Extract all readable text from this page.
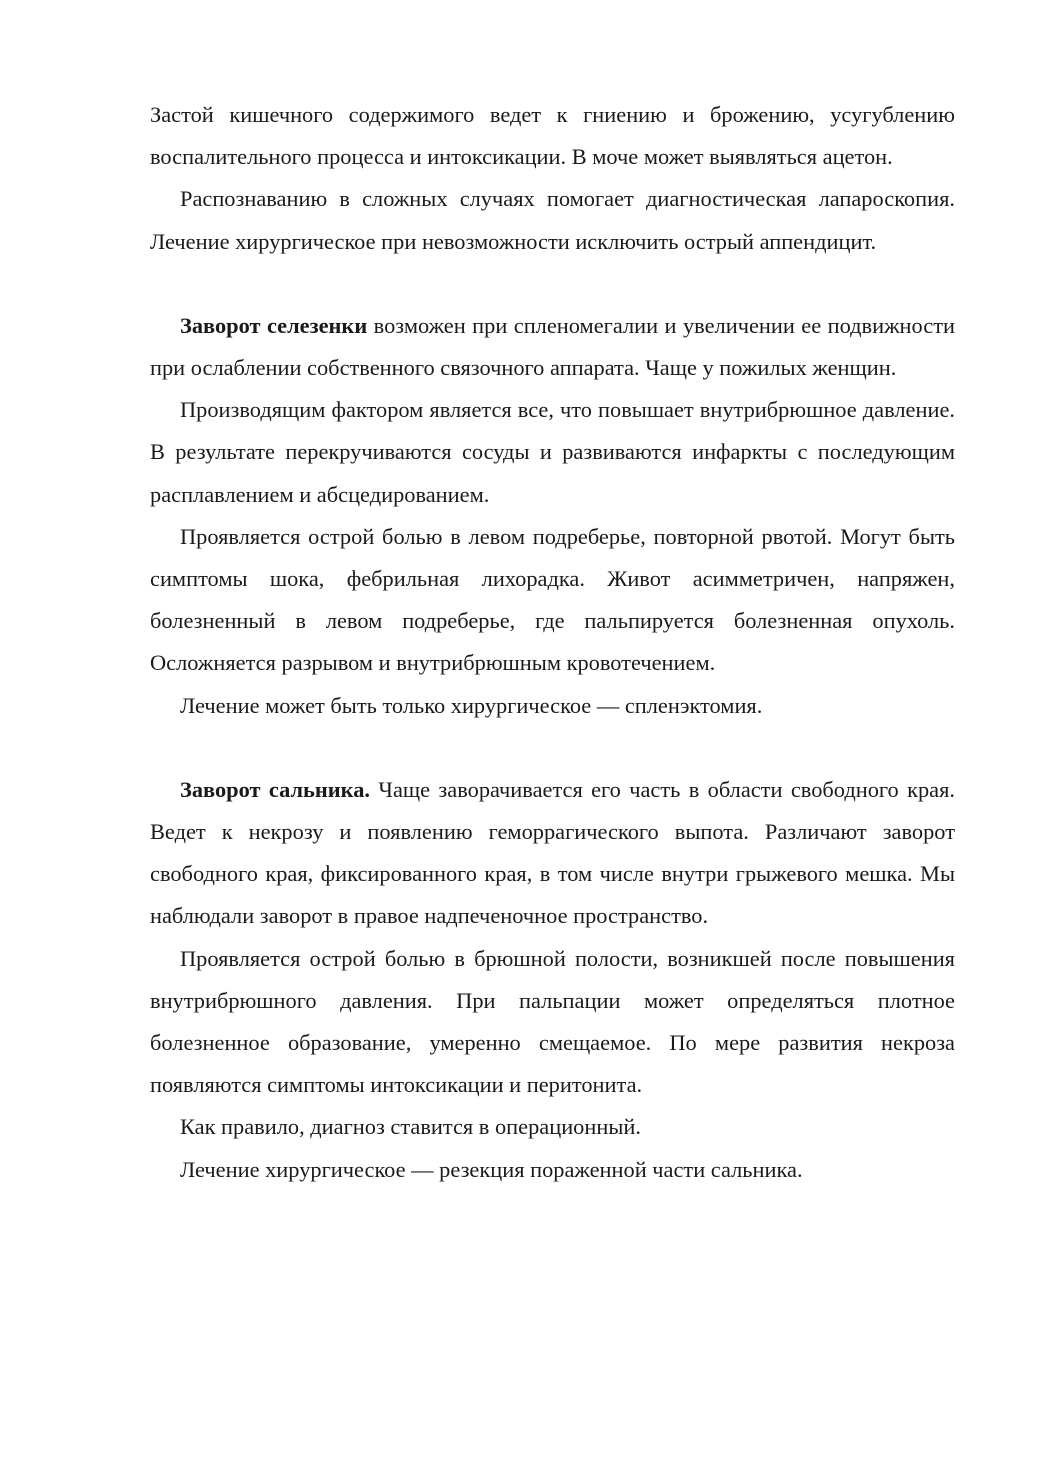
Застой кишечного содержимого ведет к гниению и брожению, усугублению воспалительного процесса и интоксикации. В моче может выявляться ацетон.

Распознаванию в сложных случаях помогает диагностическая лапароскопия. Лечение хирургическое при невозможности исключить острый аппендицит.

Заворот селезенки возможен при спленомегалии и увеличении ее подвижности при ослаблении собственного связочного аппарата. Чаще у пожилых женщин.

Производящим фактором является все, что повышает внутрибрюшное давление. В результате перекручиваются сосуды и развиваются инфаркты с последующим расплавлением и абсцедированием.

Проявляется острой болью в левом подреберье, повторной рвотой. Могут быть симптомы шока, фебрильная лихорадка. Живот асимметричен, напряжен, болезненный в левом подреберье, где пальпируется болезненная опухоль. Осложняется разрывом и внутрибрюшным кровотечением.

Лечение может быть только хирургическое — спленэктомия.

Заворот сальника. Чаще заворачивается его часть в области свободного края. Ведет к некрозу и появлению геморрагического выпота. Различают заворот свободного края, фиксированного края, в том числе внутри грыжевого мешка. Мы наблюдали заворот в правое надпеченочное пространство.

Проявляется острой болью в брюшной полости, возникшей после повышения внутрибрюшного давления. При пальпации может определяться плотное болезненное образование, умеренно смещаемое. По мере развития некроза появляются симптомы интоксикации и перитонита.

Как правило, диагноз ставится в операционный.

Лечение хирургическое — резекция пораженной части сальника.
